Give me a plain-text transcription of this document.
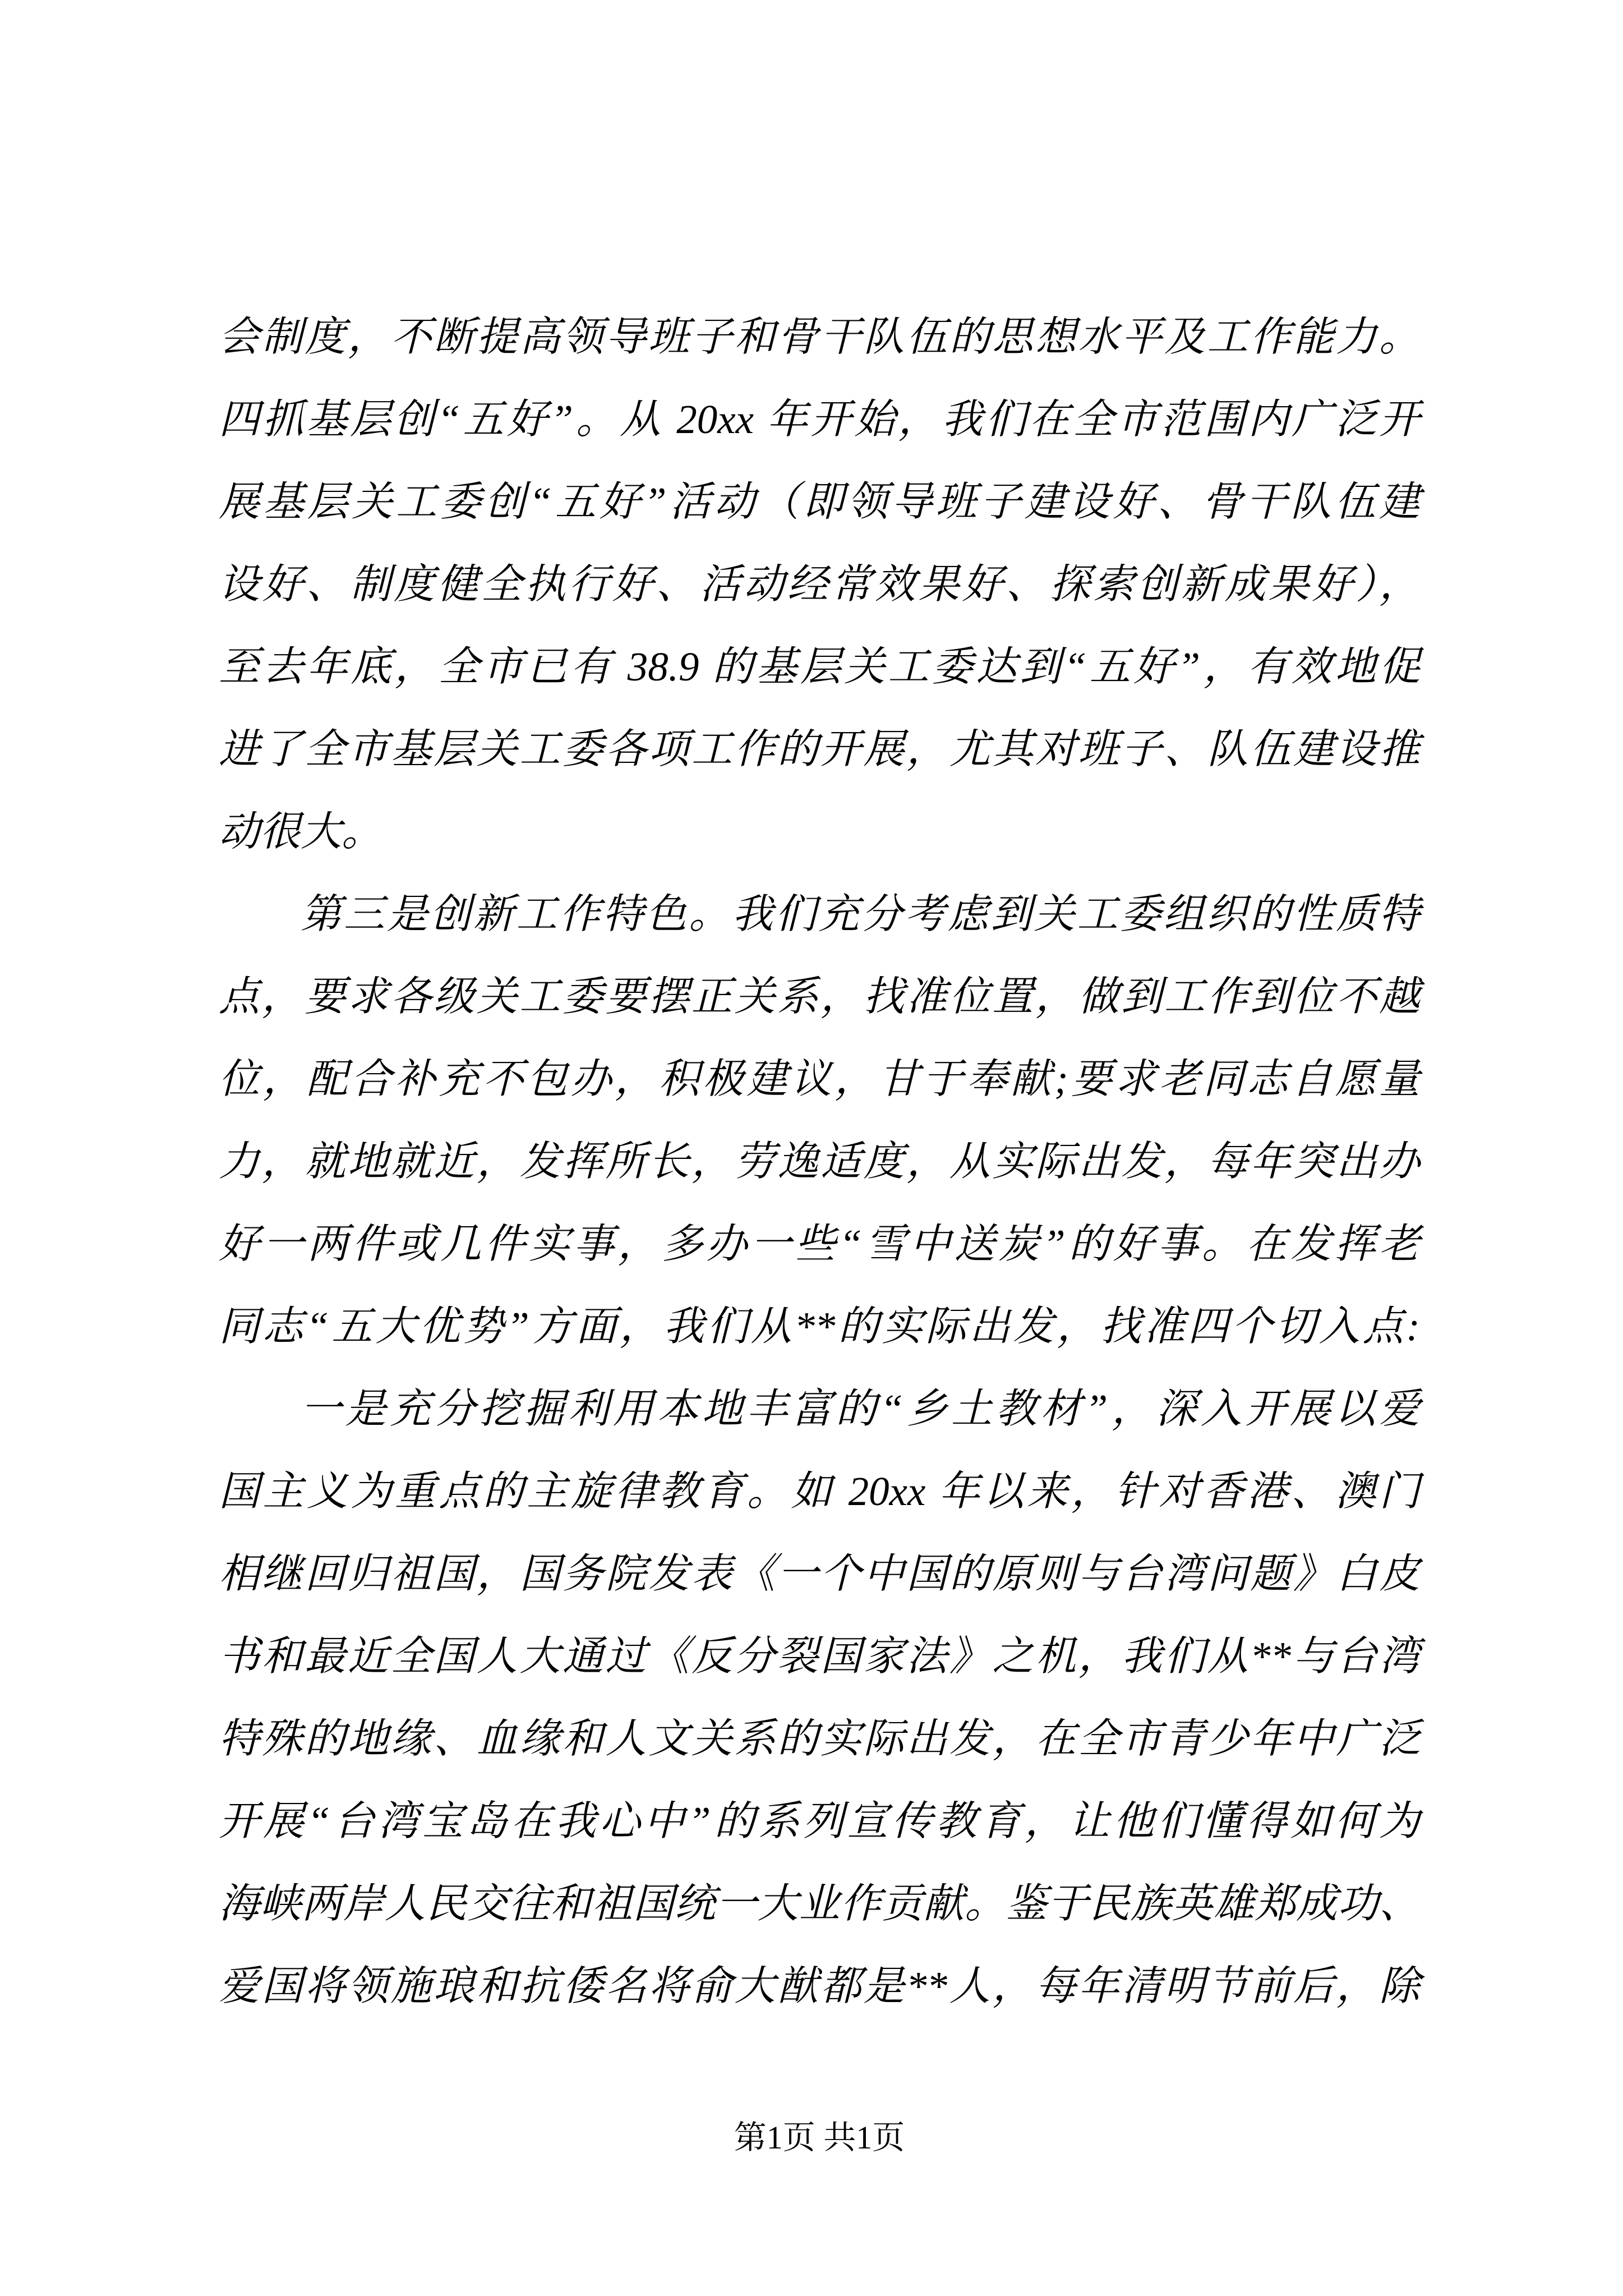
会制度，不断提高领导班子和骨干队伍的思想水平及工作能力。
四抓基层创“五好”。从 20xx 年开始，我们在全市范围内广泛开
展基层关工委创“五好”活动（即领导班子建设好、骨干队伍建
设好、制度健全执行好、活动经常效果好、探索创新成果好），
至去年底，全市已有 38.9 的基层关工委达到“五好”，有效地促
进了全市基层关工委各项工作的开展，尤其对班子、队伍建设推
动很大。
第三是创新工作特色。我们充分考虑到关工委组织的性质特
点，要求各级关工委要摆正关系，找准位置，做到工作到位不越
位，配合补充不包办，积极建议，甘于奉献;要求老同志自愿量
力，就地就近，发挥所长，劳逸适度，从实际出发，每年突出办
好一两件或几件实事，多办一些“雪中送炭”的好事。在发挥老
同志“五大优势”方面，我们从**的实际出发，找准四个切入点:
一是充分挖掘利用本地丰富的“乡土教材”，深入开展以爱
国主义为重点的主旋律教育。如 20xx 年以来，针对香港、澳门
相继回归祖国，国务院发表《一个中国的原则与台湾问题》白皮
书和最近全国人大通过《反分裂国家法》之机，我们从**与台湾
特殊的地缘、血缘和人文关系的实际出发，在全市青少年中广泛
开展“台湾宝岛在我心中”的系列宣传教育，让他们懂得如何为
海峡两岸人民交往和祖国统一大业作贡献。鉴于民族英雄郑成功、
爱国将领施琅和抗倭名将俞大猷都是**人，每年清明节前后，除
第1页 共1页
